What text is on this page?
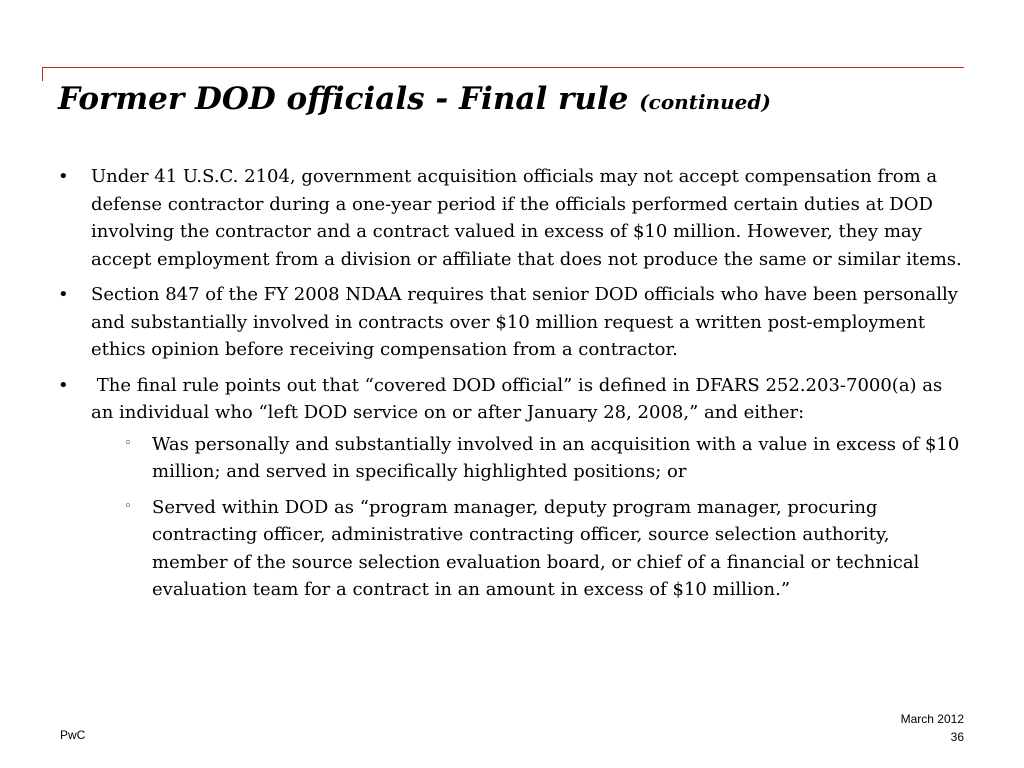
Former DOD officials - Final rule (continued)
•	Under 41 U.S.C. 2104, government acquisition officials may not accept compensation from a defense contractor during a one-year period if the officials performed certain duties at DOD involving the contractor and a contract valued in excess of $10 million. However, they may accept employment from a division or affiliate that does not produce the same or similar items.
•	Section 847 of the FY 2008 NDAA requires that senior DOD officials who have been personally and substantially involved in contracts over $10 million request a written post-employment ethics opinion before receiving compensation from a contractor.
•	The final rule points out that “covered DOD official” is defined in DFARS 252.203-7000(a) as an individual who “left DOD service on or after January 28, 2008,” and either:
◦ Was personally and substantially involved in an acquisition with a value in excess of $10 million; and served in specifically highlighted positions; or
◦ Served within DOD as “program manager, deputy program manager, procuring contracting officer, administrative contracting officer, source selection authority, member of the source selection evaluation board, or chief of a financial or technical evaluation team for a contract in an amount in excess of $10 million.”
PwC
March 2012
36
